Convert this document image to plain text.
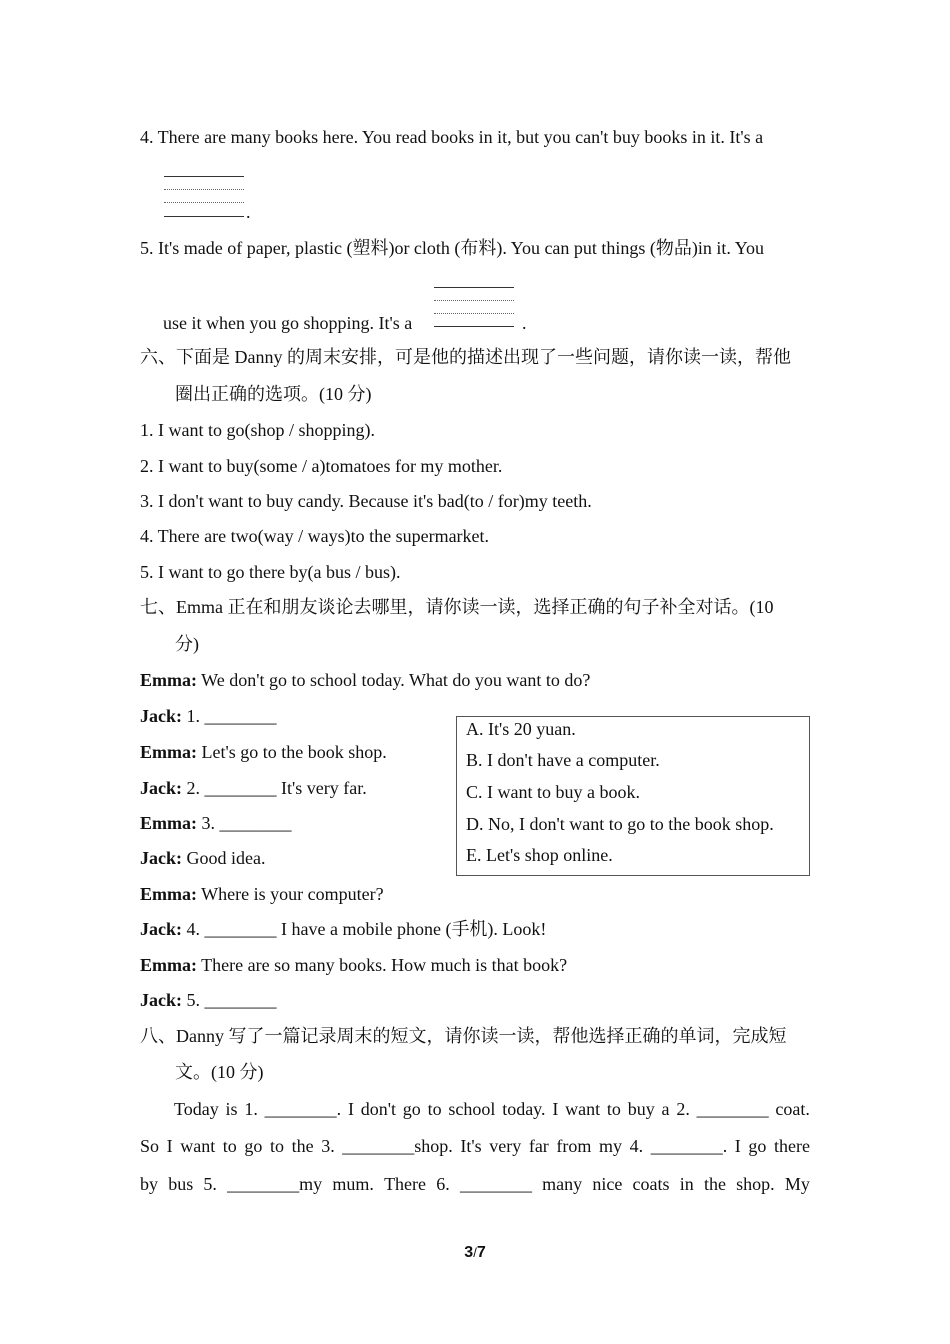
4. There are many books here. You read books in it, but you can't buy books in it. It's a
.
5. It's made of paper, plastic (塑料)or cloth (布料). You can put things (物品)in it. You
use it when you go shopping. It's a	.
六、下面是 Danny 的周末安排，可是他的描述出现了一些问题，请你读一读，帮他
圈出正确的选项。(10 分)
1. I want to go(shop / shopping).
2. I want to buy(some / a)tomatoes for my mother.
3. I don't want to buy candy. Because it's bad(to / for)my teeth.
4. There are two(way / ways)to the supermarket.
5. I want to go there by(a bus / bus).
七、Emma 正在和朋友谈论去哪里，请你读一读，选择正确的句子补全对话。(10
分)
Emma: We don't go to school today. What do you want to do?
Jack: 1. ________
Emma: Let's go to the book shop.
Jack: 2. ________ It's very far.
Emma: 3. ________
Jack: Good idea.
Emma: Where is your computer?
Jack: 4. ________ I have a mobile phone (手机). Look!
Emma: There are so many books. How much is that book?
Jack: 5. ________
A. It's 20 yuan.
B. I don't have a computer.
C. I want to buy a book.
D. No, I don't want to go to the book shop.
E. Let's shop online.
八、Danny 写了一篇记录周末的短文，请你读一读，帮他选择正确的单词，完成短
文。(10 分)
Today is 1. ________. I don't go to school today. I want to buy a 2. ________ coat.
So I want to go to the 3. ________shop. It's very far from my 4. ________. I go there
by bus 5. ________my mum. There 6. ________ many nice coats in the shop. My
3/7
